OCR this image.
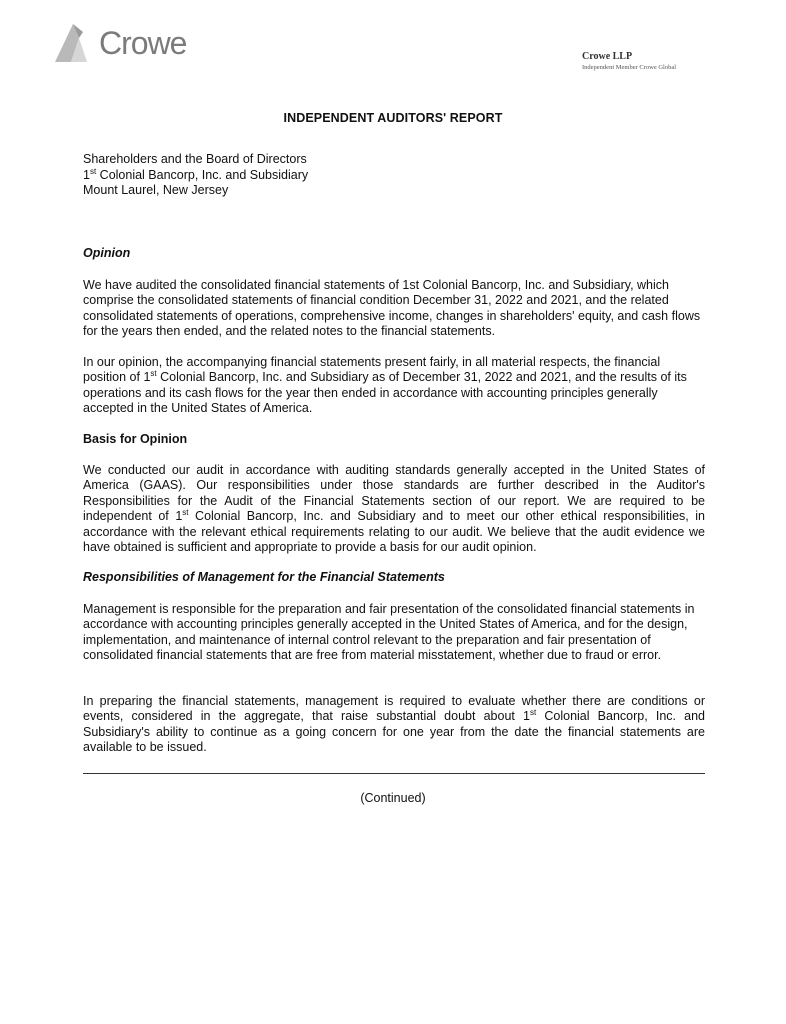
Crowe	Crowe LLP
Independent Member Crowe Global
INDEPENDENT AUDITORS' REPORT
Shareholders and the Board of Directors
1st Colonial Bancorp, Inc. and Subsidiary
Mount Laurel, New Jersey
Opinion
We have audited the consolidated financial statements of 1st Colonial Bancorp, Inc. and Subsidiary, which comprise the consolidated statements of financial condition December 31, 2022 and 2021, and the related consolidated statements of operations, comprehensive income, changes in shareholders' equity, and cash flows for the years then ended, and the related notes to the financial statements.
In our opinion, the accompanying financial statements present fairly, in all material respects, the financial position of 1st Colonial Bancorp, Inc. and Subsidiary as of December 31, 2022 and 2021, and the results of its operations and its cash flows for the year then ended in accordance with accounting principles generally accepted in the United States of America.
Basis for Opinion
We conducted our audit in accordance with auditing standards generally accepted in the United States of America (GAAS). Our responsibilities under those standards are further described in the Auditor's Responsibilities for the Audit of the Financial Statements section of our report. We are required to be independent of 1st Colonial Bancorp, Inc. and Subsidiary and to meet our other ethical responsibilities, in accordance with the relevant ethical requirements relating to our audit. We believe that the audit evidence we have obtained is sufficient and appropriate to provide a basis for our audit opinion.
Responsibilities of Management for the Financial Statements
Management is responsible for the preparation and fair presentation of the consolidated financial statements in accordance with accounting principles generally accepted in the United States of America, and for the design, implementation, and maintenance of internal control relevant to the preparation and fair presentation of consolidated financial statements that are free from material misstatement, whether due to fraud or error.
In preparing the financial statements, management is required to evaluate whether there are conditions or events, considered in the aggregate, that raise substantial doubt about 1st Colonial Bancorp, Inc. and Subsidiary's ability to continue as a going concern for one year from the date the financial statements are available to be issued.
(Continued)
